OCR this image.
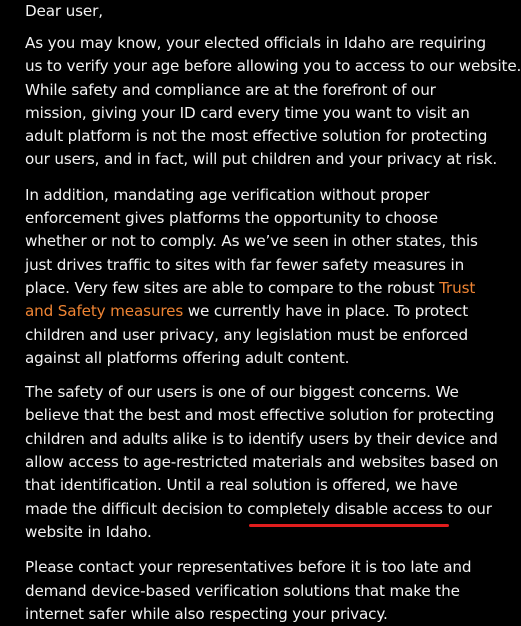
Dear user,

As you may know, your elected officials in Idaho are requiring
us to verify your age before allowing you to access to our website.
While safety and compliance are at the forefront of our
mission, giving your ID card every time you want to visit an
adult platform is not the most effective solution for protecting
our users, and in fact, will put children and your privacy at risk.

In addition, mandating age verification without proper
enforcement gives platforms the opportunity to choose
whether or not to comply. As we’ve seen in other states, this
just drives traffic to sites with far fewer safety measures in
place. Very few sites are able to compare to the robust Trust
and Safety measures we currently have in place. To protect
children and user privacy, any legislation must be enforced
against all platforms offering adult content.

The safety of our users is one of our biggest concerns. We
believe that the best and most effective solution for protecting
children and adults alike is to identify users by their device and
allow access to age-restricted materials and websites based on
that identification. Until a real solution is offered, we have
made the difficult decision to completely disable access
to our
website in Idaho.

Please contact your representatives before it is too late and
demand device-based verification solutions that make the
internet safer while also respecting your privacy.
